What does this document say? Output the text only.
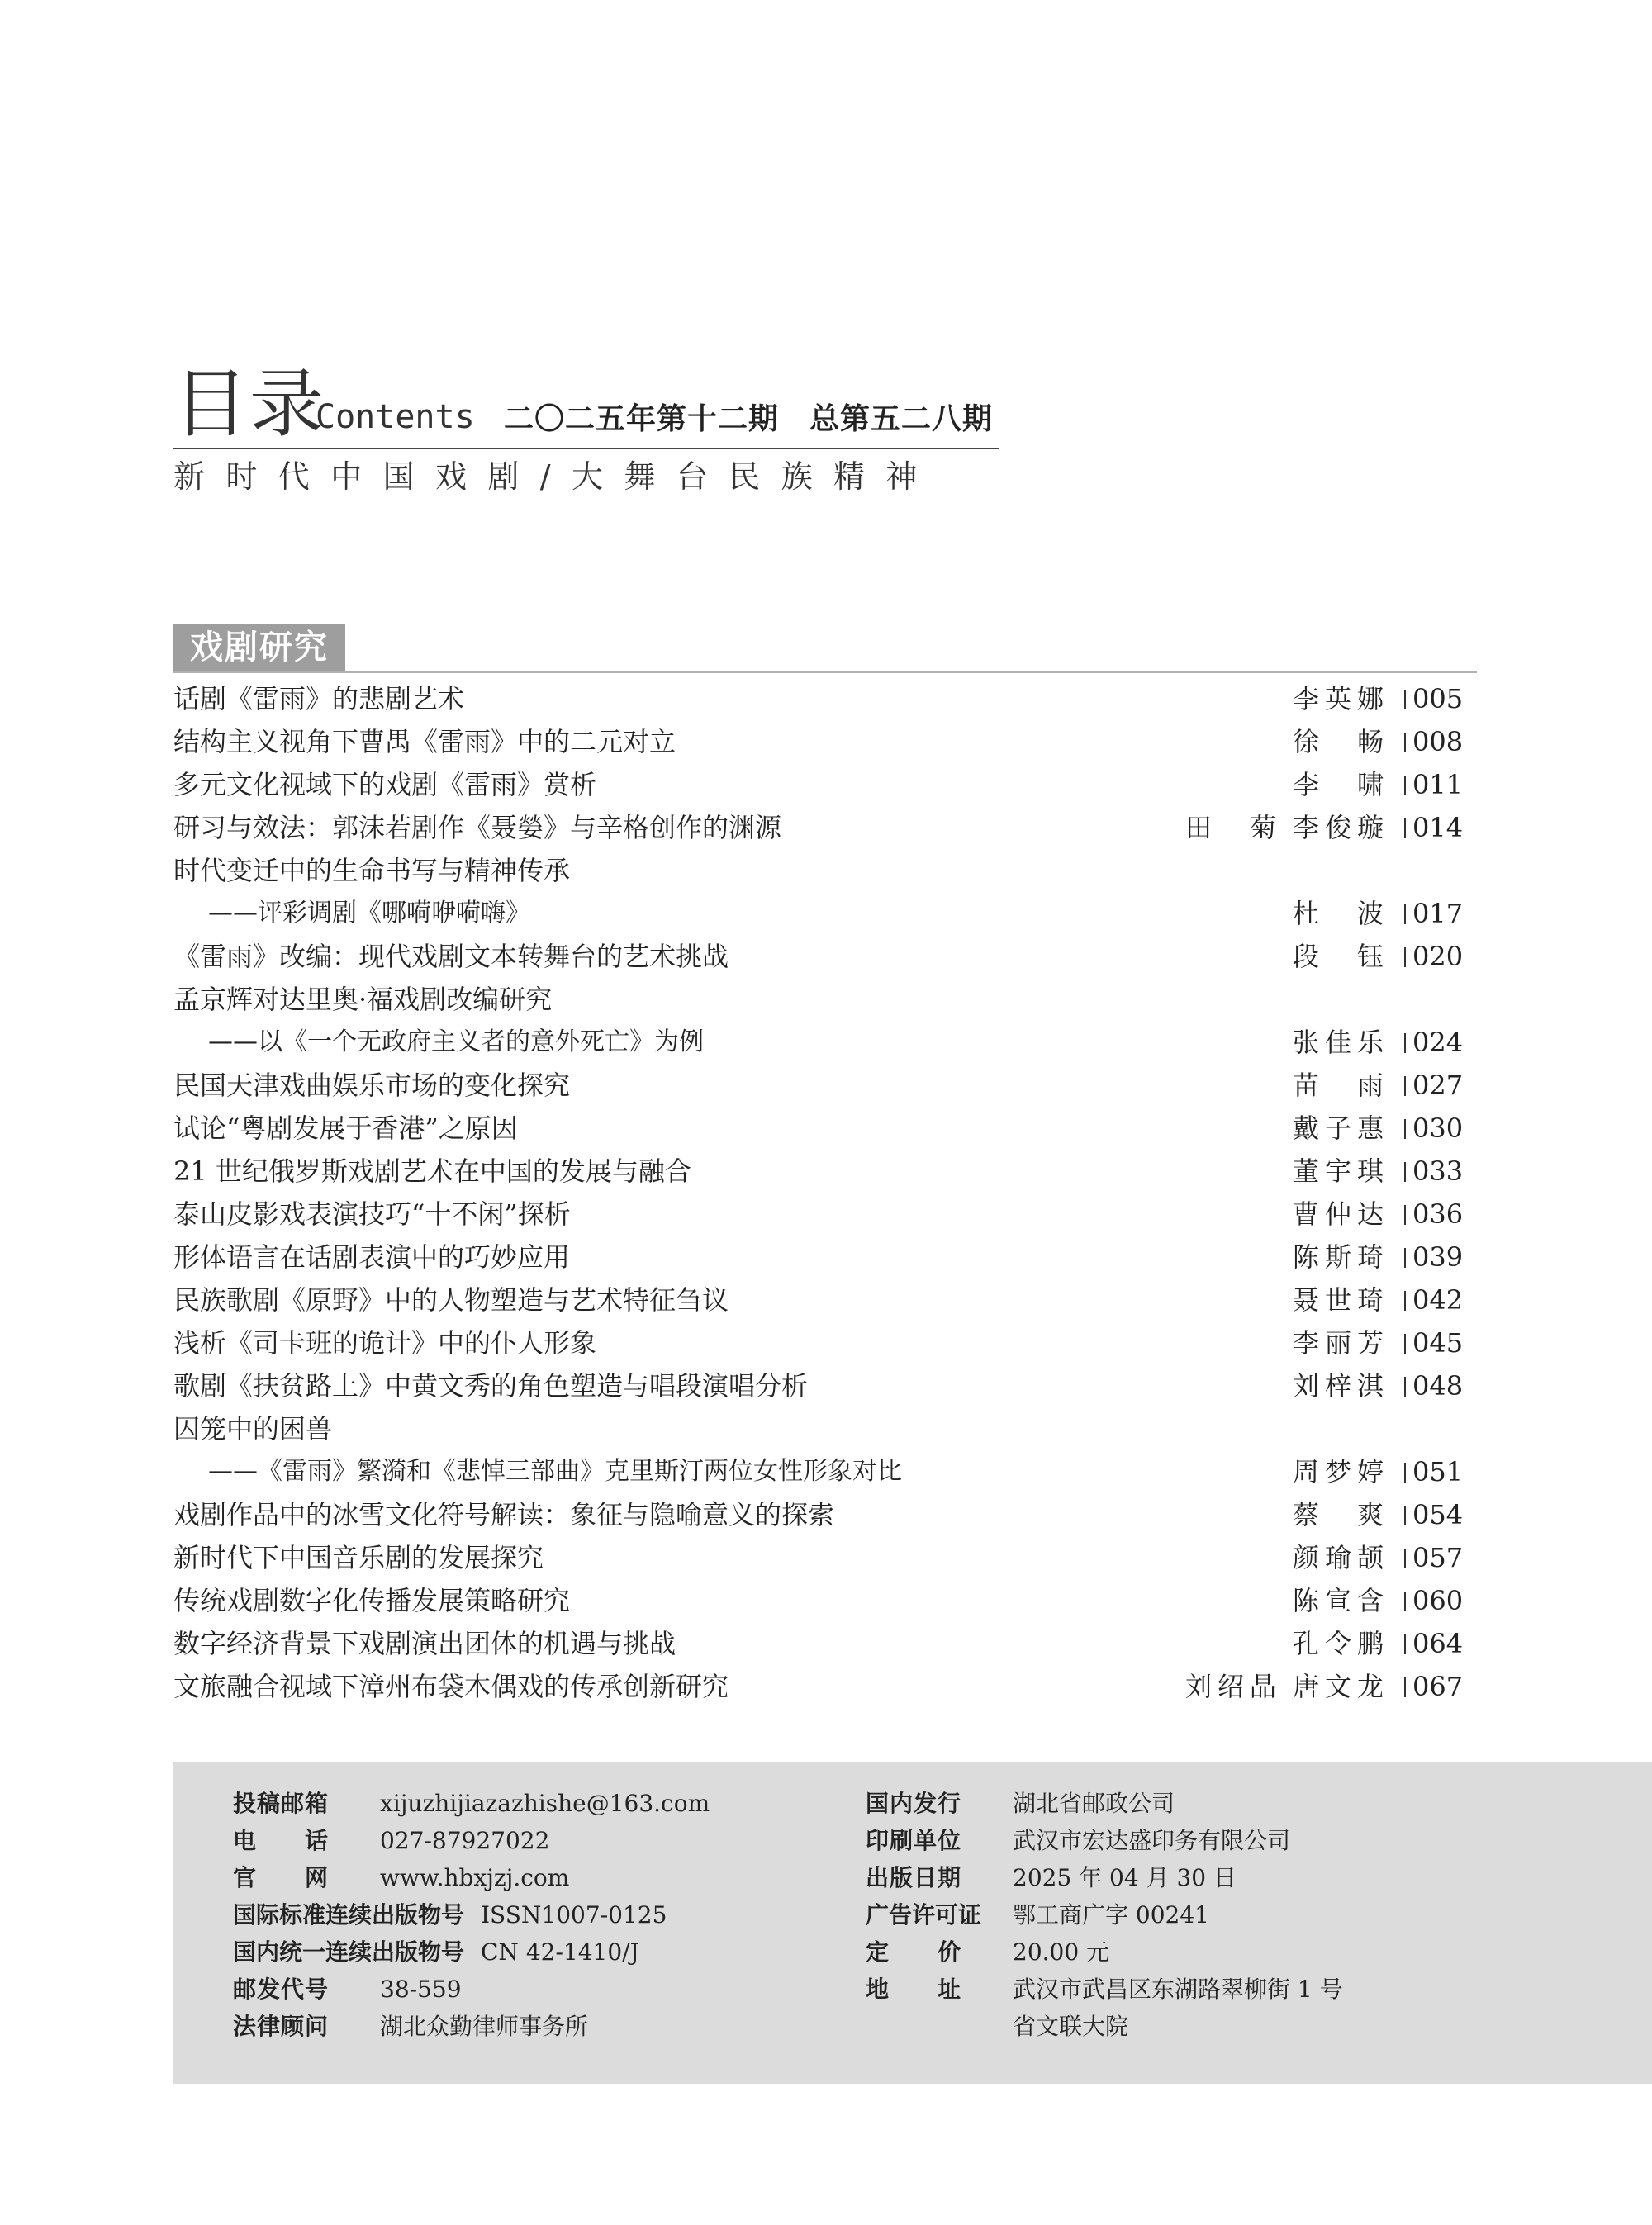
目录
Contents 二〇二五年第十二期　总第五二八期
新时代中国戏剧/大舞台民族精神
戏剧研究
话剧《雷雨》的悲剧艺术	李英娜 005
结构主义视角下曹禺《雷雨》中的二元对立	徐畅 008
多元文化视域下的戏剧《雷雨》赏析	李啸 011
研习与效法：郭沫若剧作《聂嫈》与辛格创作的渊源	田菊 李俊璇 014
时代变迁中的生命书写与精神传承
——评彩调剧《哪嗬咿嗬嗨》	杜波 017
《雷雨》改编：现代戏剧文本转舞台的艺术挑战	段钰 020
孟京辉对达里奥·福戏剧改编研究
——以《一个无政府主义者的意外死亡》为例	张佳乐 024
民国天津戏曲娱乐市场的变化探究	苗雨 027
试论“粤剧发展于香港”之原因	戴子惠 030
21 世纪俄罗斯戏剧艺术在中国的发展与融合	董宇琪 033
泰山皮影戏表演技巧“十不闲”探析	曹仲达 036
形体语言在话剧表演中的巧妙应用	陈斯琦 039
民族歌剧《原野》中的人物塑造与艺术特征刍议	聂世琦 042
浅析《司卡班的诡计》中的仆人形象	李丽芳 045
歌剧《扶贫路上》中黄文秀的角色塑造与唱段演唱分析	刘梓淇 048
囚笼中的困兽
——《雷雨》繁漪和《悲悼三部曲》克里斯汀两位女性形象对比	周梦婷 051
戏剧作品中的冰雪文化符号解读：象征与隐喻意义的探索	蔡爽 054
新时代下中国音乐剧的发展探究	颜瑜颉 057
传统戏剧数字化传播发展策略研究	陈宣含 060
数字经济背景下戏剧演出团体的机遇与挑战	孔令鹏 064
文旅融合视域下漳州布袋木偶戏的传承创新研究	刘绍晶 唐文龙 067
投稿邮箱 xijuzhijiazazhishe@163.com
电话 027-87927022
官网 www.hbxjzj.com
国际标准连续出版物号 ISSN1007-0125
国内统一连续出版物号 CN 42-1410/J
邮发代号 38-559
法律顾问 湖北众勤律师事务所
国内发行 湖北省邮政公司
印刷单位 武汉市宏达盛印务有限公司
出版日期 2025 年 04 月 30 日
广告许可证 鄂工商广字 00241
定价 20.00 元
地址 武汉市武昌区东湖路翠柳街 1 号
省文联大院
